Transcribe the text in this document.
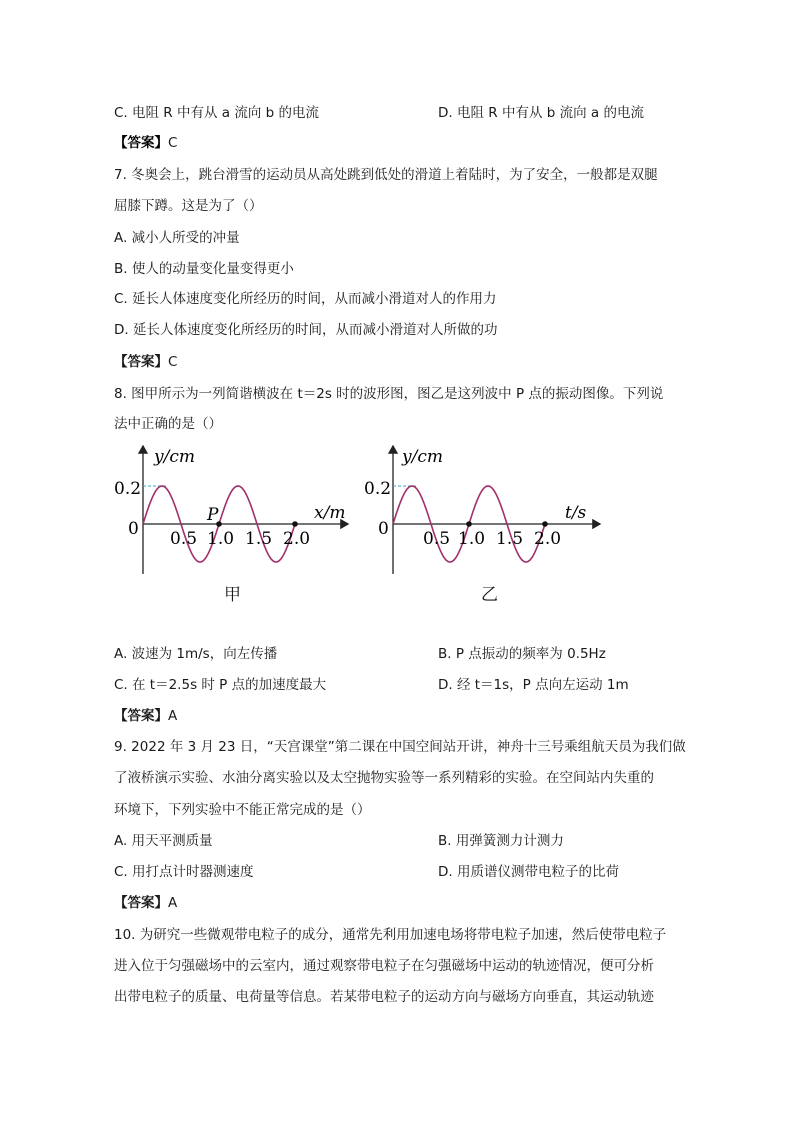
C. 电阻 R 中有从 a 流向 b 的电流	D. 电阻 R 中有从 b 流向 a 的电流
【答案】C
7. 冬奥会上，跳台滑雪的运动员从高处跳到低处的滑道上着陆时，为了安全，一般都是双腿
屈膝下蹲。这是为了（）
A. 减小人所受的冲量
B. 使人的动量变化量变得更小
C. 延长人体速度变化所经历的时间，从而减小滑道对人的作用力
D. 延长人体速度变化所经历的时间，从而减小滑道对人所做的功
【答案】C
8. 图甲所示为一列简谐横波在 t＝2s 时的波形图，图乙是这列波中 P 点的振动图像。下列说
法中正确的是（）
y/cm
0.2
0
x/m
P
0.5 1.0 1.5 2.0
甲
y/cm
0.2
0
t/s
0.5 1.0 1.5 2.0
乙
A. 波速为 1m/s，向左传播	B. P 点振动的频率为 0.5Hz
C. 在 t＝2.5s 时 P 点的加速度最大	D. 经 t＝1s，P 点向左运动 1m
【答案】A
9. 2022 年 3 月 23 日，“天宫课堂”第二课在中国空间站开讲，神舟十三号乘组航天员为我们做
了液桥演示实验、水油分离实验以及太空抛物实验等一系列精彩的实验。在空间站内失重的
环境下，下列实验中不能正常完成的是（）
A. 用天平测质量	B. 用弹簧测力计测力
C. 用打点计时器测速度	D. 用质谱仪测带电粒子的比荷
【答案】A
10. 为研究一些微观带电粒子的成分，通常先利用加速电场将带电粒子加速，然后使带电粒子
进入位于匀强磁场中的云室内，通过观察带电粒子在匀强磁场中运动的轨迹情况，便可分析
出带电粒子的质量、电荷量等信息。若某带电粒子的运动方向与磁场方向垂直，其运动轨迹
